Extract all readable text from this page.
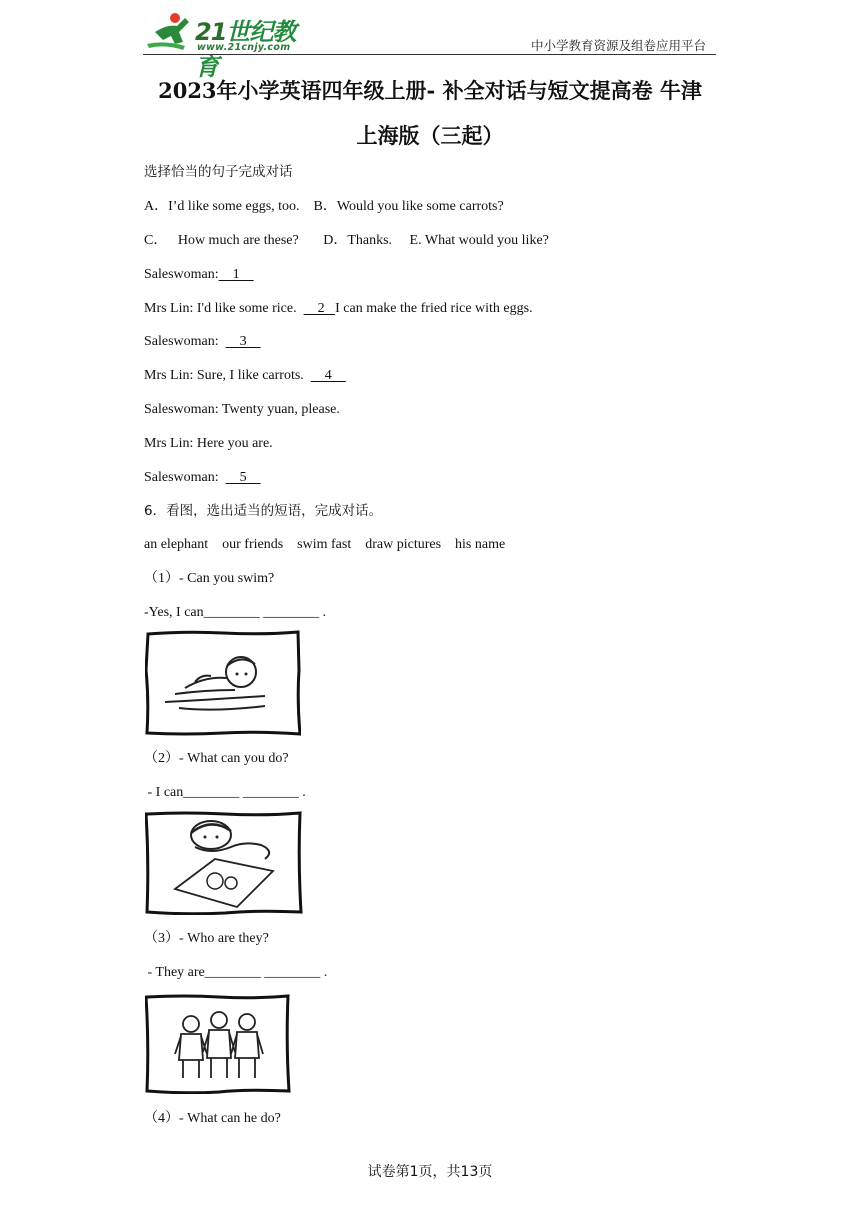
21世纪教育
www.21cnjy.com	中小学教育资源及组卷应用平台
2023年小学英语四年级上册- 补全对话与短文提高卷 牛津
上海版（三起）
选择恰当的句子完成对话
A．I’d like some eggs, too.    B．Would you like some carrots?
C．   How much are these?       D．Thanks.     E. What would you like?
Saleswoman:    1
Mrs Lin: I'd like some rice.      2   I can make the fried rice with eggs.
Saleswoman:      3
Mrs Lin: Sure, I like carrots.      4
Saleswoman: Twenty yuan, please.
Mrs Lin: Here you are.
Saleswoman:      5
6．看图，选出适当的短语，完成对话。
an elephant    our friends    swim fast    draw pictures    his name
（1）- Can you swim?
-Yes, I can________ ________ .
（2）- What can you do?
- I can________ ________ .
（3）- Who are they?
- They are________ ________ .
（4）- What can he do?
试卷第1页，共13页
